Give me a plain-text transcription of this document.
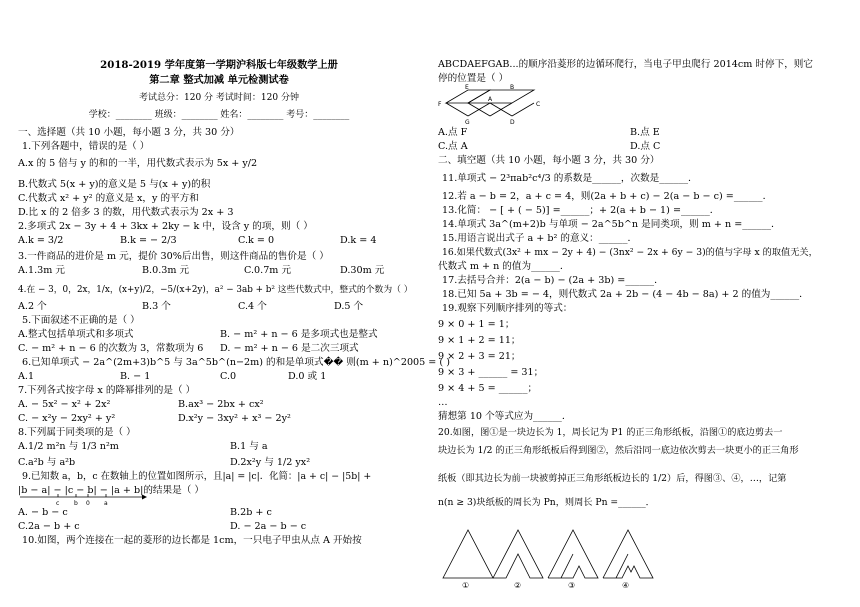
2018-2019 学年度第一学期沪科版七年级数学上册
第二章 整式加减 单元检测试卷
考试总分：120 分 考试时间：120 分钟
学校：________ 班级：________ 姓名：________ 考号：________
一、选择题（共 10 小题，每小题 3 分，共 30 分）
1.下列各题中，错误的是（ ）
A.x 的 5 倍与 y 的和的一半，用代数式表示为 5x + y/2
B.代数式 5(x + y)的意义是 5 与(x + y)的积
C.代数式 x² + y² 的意义是 x，y 的平方和
D.比 x 的 2 倍多 3 的数，用代数式表示为 2x + 3
2.多项式 2x − 3y + 4 + 3kx + 2ky − k 中，设含 y 的项，则（ ）
A.k = 3/2	B.k = − 2/3	C.k = 0	D.k = 4
3.一件商品的进价是 m 元，提价 30%后出售，则这件商品的售价是（ ）
A.1.3m 元	B.0.3m 元	C.0.7m 元	D.30m 元
4.在 − 3，0，2x，1/x，(x+y)/2，−5/(x+2y)，a² − 3ab + b² 这些代数式中，整式的个数为（ ）
A.2 个	B.3 个	C.4 个	D.5 个
5.下面叙述不正确的是（ ）
A.整式包括单项式和多项式	B. − m² + n − 6 是多项式也是整式
C. − m² + n − 6 的次数为 3，常数项为 6 D. − m² + n − 6 是二次三项式
6.已知单项式 − 2a^(2m+3)b^5 与 3a^5b^(n−2m) 的和是单项式�� 则(m + n)^2005 = ( )
A.1	B. − 1	C.0	D.0 或 1
7.下列各式按字母 x 的降幂排列的是（ ）
A. − 5x² − x² + 2x²	B.ax³ − 2bx + cx²
C. − x²y − 2xy² + y²	D.x²y − 3xy² + x³ − 2y²
8.下列属于同类项的是（ ）
A.1/2 m²n 与 1/3 n²m	B.1 与 a
C.a²b 与 a²b	D.2x²y 与 1/2 yx²
9.已知数 a，b，c 在数轴上的位置如图所示，且|a| = |c|．化简：|a + c| − |5b| +
|b − a| − |c − b| − |a + b|的结果是（ ）
c b 0 a
A. − b − c	B.2b + c
C.2a − b + c	D. − 2a − b − c
10.如图，两个连接在一起的菱形的边长都是 1cm，一只电子甲虫从点 A 开始按
ABCDAEFGAB...的顺序沿菱形的边循环爬行，当电子甲虫爬行 2014cm 时停下，则它
停的位置是（ ）
F
E	B
A
C
G	D
A.点 F	B.点 E
C.点 A	D.点 C
二、填空题（共 10 小题，每小题 3 分，共 30 分）
11.单项式 − 2³πab²c⁴/3 的系数是______，次数是______．
12.若 a − b = 2，a + c = 4，则(2a + b + c) − 2(a − b − c) =______．
13.化简： − [ + ( − 5)] =______；+ 2(a + b − 1) =______．
14.单项式 3a^(m+2)b 与单项 − 2a^5b^n 是同类项，则 m + n =______．
15.用语言说出式子 a + b² 的意义：______．
16.如果代数式(3x² + mx − 2y + 4) − (3nx² − 2x + 6y − 3)的值与字母 x 的取值无关，
代数式 m + n 的值为______．
17.去括号合并：2(a − b) − (2a + 3b) =______．
18.已知 5a + 3b = − 4，则代数式 2a + 2b − (4 − 4b − 8a) + 2 的值为______．
19.观察下列顺序排列的等式：
9 × 0 + 1 = 1；
9 × 1 + 2 = 11；
9 × 2 + 3 = 21；
9 × 3 + ______ = 31；
9 × 4 + 5 = ______；
…
猜想第 10 个等式应为______．
20.如图，图①是一块边长为 1，周长记为 P1 的正三角形纸板，沿图①的底边剪去一
块边长为 1/2 的正三角形纸板后得到图②，然后沿同一底边依次剪去一块更小的正三角形
纸板（即其边长为前一块被剪掉正三角形纸板边长的 1/2）后，得图③、④，…，记第
n(n ≥ 3)块纸板的周长为 Pn，则周长 Pn =______．
①	②	③	④
